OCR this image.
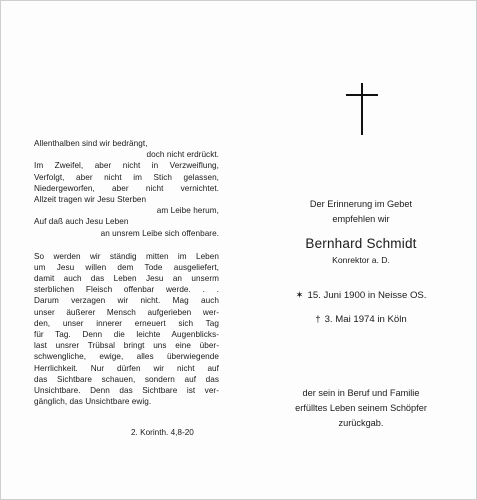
Allenthalben sind wir bedrängt,
doch nicht erdrückt.
Im Zweifel, aber nicht in Verzweiflung,
Verfolgt, aber nicht im Stich gelassen,
Niedergeworfen, aber nicht vernichtet.
Allzeit tragen wir Jesu Sterben
am Leibe herum,
Auf daß auch Jesu Leben
an unsrem Leibe sich offenbare.
So werden wir ständig mitten im Leben
um Jesu willen dem Tode ausgeliefert,
damit auch das Leben Jesu an unserm
sterblichen Fleisch offenbar werde. . .
Darum verzagen wir nicht. Mag auch
unser äußerer Mensch aufgerieben wer-
den, unser innerer erneuert sich Tag
für Tag. Denn die leichte Augenblicks-
last unsrer Trübsal bringt uns eine über-
schwengliche, ewige, alles überwiegende
Herrlichkeit. Nur dürfen wir nicht auf
das Sichtbare schauen, sondern auf das
Unsichtbare. Denn das Sichtbare ist ver-
gänglich, das Unsichtbare ewig.
2. Korinth. 4,8-20
Der Erinnerung im Gebet
empfehlen wir
Bernhard Schmidt
Konrektor a. D.
✶ 15. Juni 1900 in Neisse OS.
† 3. Mai 1974 in Köln
der sein in Beruf und Familie
erfülltes Leben seinem Schöpfer
zurückgab.
